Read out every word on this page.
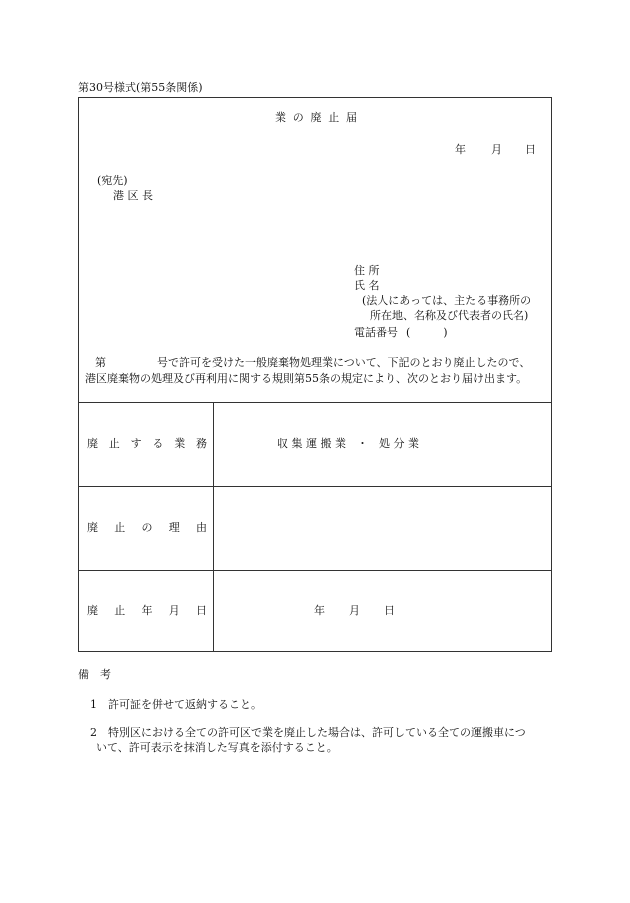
第30号様式(第55条関係)
業 の 廃 止 届
年 月 日
(宛先)
港 区 長
住 所
氏 名
(法人にあっては、主たる事務所の
所在地、名称及び代表者の氏名)
電話番号 (　　　)
第	号で許可を受けた一般廃棄物処理業について、下記のとおり廃止したので、
港区廃棄物の処理及び再利用に関する規則第55条の規定により、次のとおり届け出ます。
廃 止 す る 業 務	収 集 運 搬 業　・　処 分 業
廃 止 の 理 由
廃 止 年 月 日	年 月 日
備　考
1 許可証を併せて返納すること。
2 特別区における全ての許可区で業を廃止した場合は、許可している全ての運搬車につ
いて、許可表示を抹消した写真を添付すること。
